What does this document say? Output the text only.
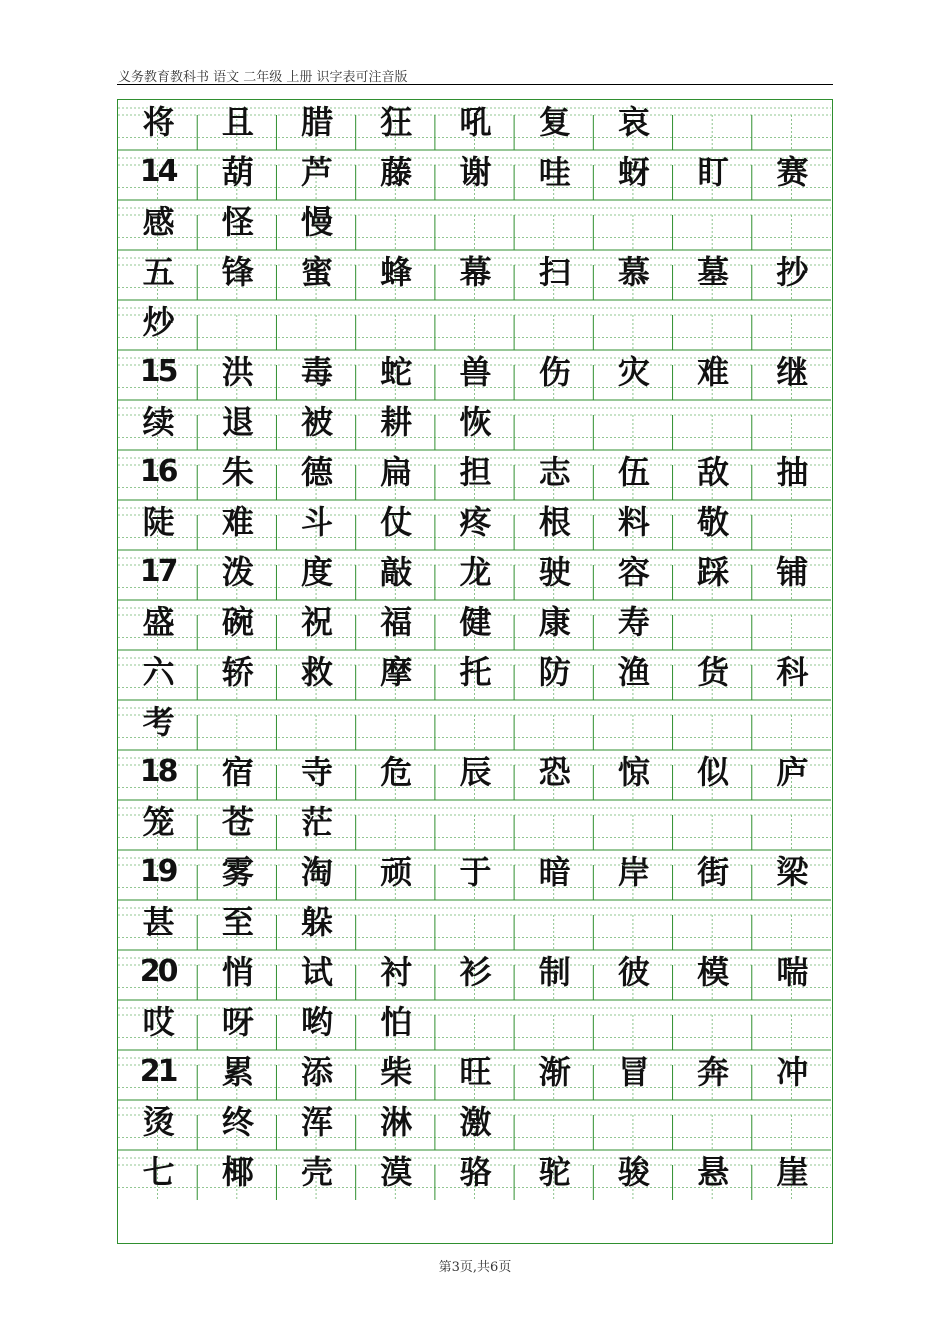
义务教育教科书 语文 二年级 上册 识字表可注音版
将	且	腊	狂	吼	复	哀
14	葫	芦	藤	谢	哇	蚜	盯	赛
感	怪	慢
五	锋	蜜	蜂	幕	扫	慕	墓	抄
炒
15	洪	毒	蛇	兽	伤	灾	难	继
续	退	被	耕	恢
16	朱	德	扁	担	志	伍	敌	抽
陡	难	斗	仗	疼	根	料	敬
17	泼	度	敲	龙	驶	容	踩	铺
盛	碗	祝	福	健	康	寿
六	轿	救	摩	托	防	渔	货	科
考
18	宿	寺	危	辰	恐	惊	似	庐
笼	苍	茫
19	雾	淘	顽	于	暗	岸	街	梁
甚	至	躲
20	悄	试	衬	衫	制	彼	模	喘
哎	呀	哟	怕
21	累	添	柴	旺	渐	冒	奔	冲
烫	终	浑	淋	激
七	椰	壳	漠	骆	驼	骏	悬	崖
第3页,共6页
